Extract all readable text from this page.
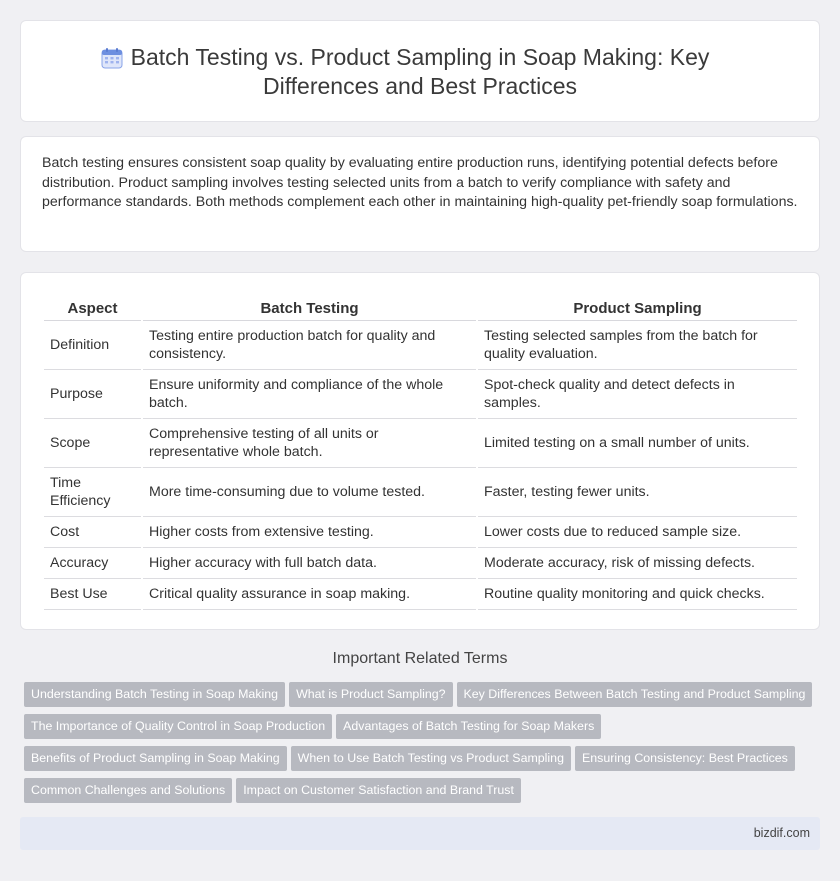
Batch Testing vs. Product Sampling in Soap Making: Key Differences and Best Practices

Batch testing ensures consistent soap quality by evaluating entire production runs, identifying potential defects before distribution. Product sampling involves testing selected units from a batch to verify compliance with safety and performance standards. Both methods complement each other in maintaining high-quality pet-friendly soap formulations.

Aspect	Batch Testing	Product Sampling
Definition	Testing entire production batch for quality and consistency.	Testing selected samples from the batch for quality evaluation.
Purpose	Ensure uniformity and compliance of the whole batch.	Spot-check quality and detect defects in samples.
Scope	Comprehensive testing of all units or representative whole batch.	Limited testing on a small number of units.
Time Efficiency	More time-consuming due to volume tested.	Faster, testing fewer units.
Cost	Higher costs from extensive testing.	Lower costs due to reduced sample size.
Accuracy	Higher accuracy with full batch data.	Moderate accuracy, risk of missing defects.
Best Use	Critical quality assurance in soap making.	Routine quality monitoring and quick checks.
Important Related Terms
Understanding Batch Testing in Soap Making What is Product Sampling? Key Differences Between Batch Testing and Product Sampling
The Importance of Quality Control in Soap Production Advantages of Batch Testing for Soap Makers
Benefits of Product Sampling in Soap Making When to Use Batch Testing vs Product Sampling Ensuring Consistency: Best Practices
Common Challenges and Solutions Impact on Customer Satisfaction and Brand Trust
bizdif.com
